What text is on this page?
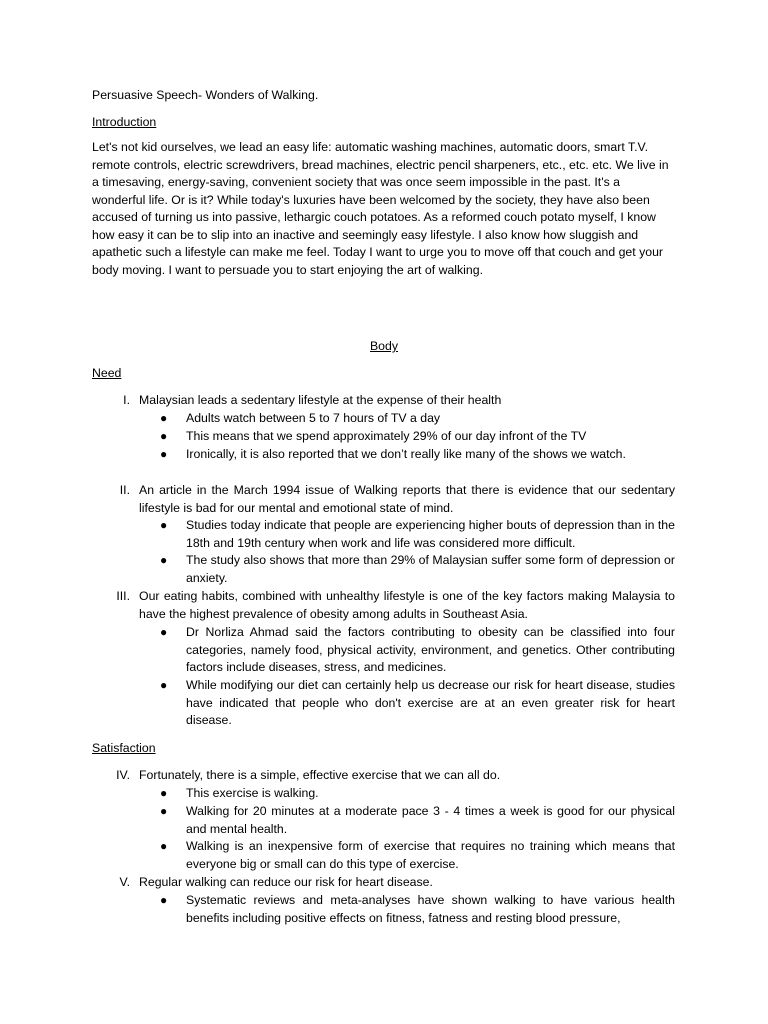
Persuasive Speech- Wonders of Walking.
Introduction

Let's not kid ourselves, we lead an easy life: automatic washing machines, automatic doors, smart T.V. remote controls, electric screwdrivers, bread machines, electric pencil sharpeners, etc., etc. etc. We live in a timesaving, energy-saving, convenient society that was once seem impossible in the past. It's a wonderful life. Or is it? While today's luxuries have been welcomed by the society, they have also been accused of turning us into passive, lethargic couch potatoes. As a reformed couch potato myself, I know how easy it can be to slip into an inactive and seemingly easy lifestyle. I also know how sluggish and apathetic such a lifestyle can make me feel. Today I want to urge you to move off that couch and get your body moving. I want to persuade you to start enjoying the art of walking.

Body
Need
Satisfaction
I. Malaysian leads a sedentary lifestyle at the expense of their health
● Adults watch between 5 to 7 hours of TV a day
● This means that we spend approximately 29% of our day infront of the TV
● Ironically, it is also reported that we don’t really like many of the shows we watch.
II. An article in the March 1994 issue of Walking reports that there is evidence that our sedentary lifestyle is bad for our mental and emotional state of mind.
● Studies today indicate that people are experiencing higher bouts of depression than in the 18th and 19th century when work and life was considered more difficult.
● The study also shows that more than 29% of Malaysian suffer some form of depression or anxiety.
III. Our eating habits, combined with unhealthy lifestyle is one of the key factors making Malaysia to have the highest prevalence of obesity among adults in Southeast Asia.
● Dr Norliza Ahmad said the factors contributing to obesity can be classified into four categories, namely food, physical activity, environment, and genetics. Other contributing factors include diseases, stress, and medicines.
● While modifying our diet can certainly help us decrease our risk for heart disease, studies have indicated that people who don't exercise are at an even greater risk for heart disease.
IV. Fortunately, there is a simple, effective exercise that we can all do.
● This exercise is walking.
● Walking for 20 minutes at a moderate pace 3 - 4 times a week is good for our physical and mental health.
● Walking is an inexpensive form of exercise that requires no training which means that everyone big or small can do this type of exercise.
V. Regular walking can reduce our risk for heart disease.
● Systematic reviews and meta-analyses have shown walking to have various health benefits including positive effects on fitness, fatness and resting blood pressure,
